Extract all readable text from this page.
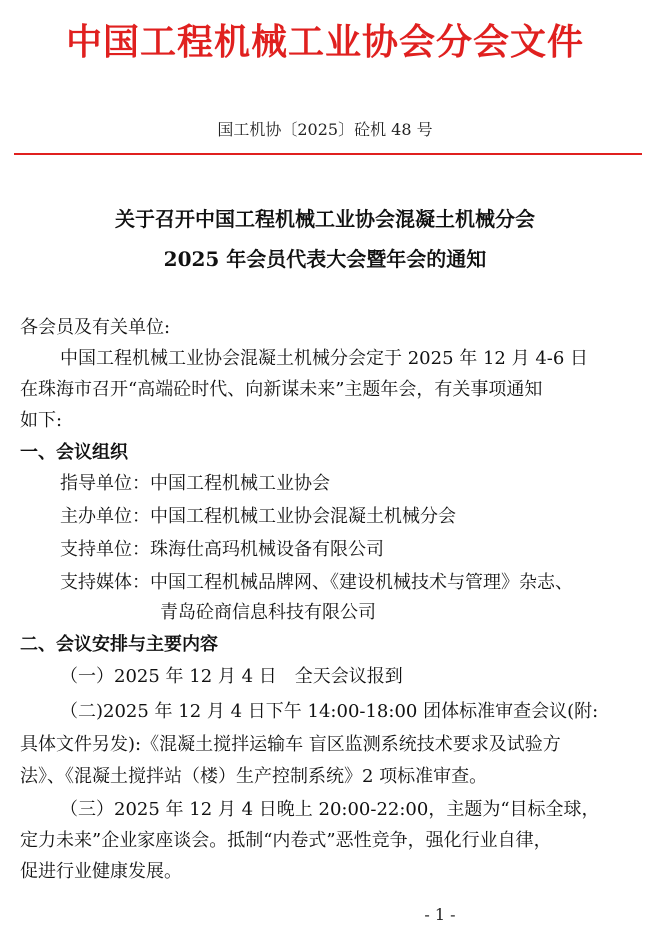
中国工程机械工业协会分会文件
国工机协〔2025〕砼机 48 号
关于召开中国工程机械工业协会混凝土机械分会
2025 年会员代表大会暨年会的通知
各会员及有关单位:
中国工程机械工业协会混凝土机械分会定于 2025 年 12 月 4-6 日
在珠海市召开“高端砼时代、向新谋未来”主题年会，有关事项通知
如下:
一、会议组织
指导单位：中国工程机械工业协会
主办单位：中国工程机械工业协会混凝土机械分会
支持单位：珠海仕高玛机械设备有限公司
支持媒体：中国工程机械品牌网、《建设机械技术与管理》杂志、
青岛砼商信息科技有限公司
二、会议安排与主要内容
（一）2025 年 12 月 4 日　全天会议报到
（二)2025 年 12 月 4 日下午 14:00-18:00 团体标准审查会议(附:
具体文件另发):《混凝土搅拌运输车 盲区监测系统技术要求及试验方
法》、《混凝土搅拌站（楼）生产控制系统》2 项标准审查。
（三）2025 年 12 月 4 日晚上 20:00-22:00，主题为“目标全球，
定力未来”企业家座谈会。抵制“内卷式”恶性竞争，强化行业自律，
促进行业健康发展。
- 1 -
